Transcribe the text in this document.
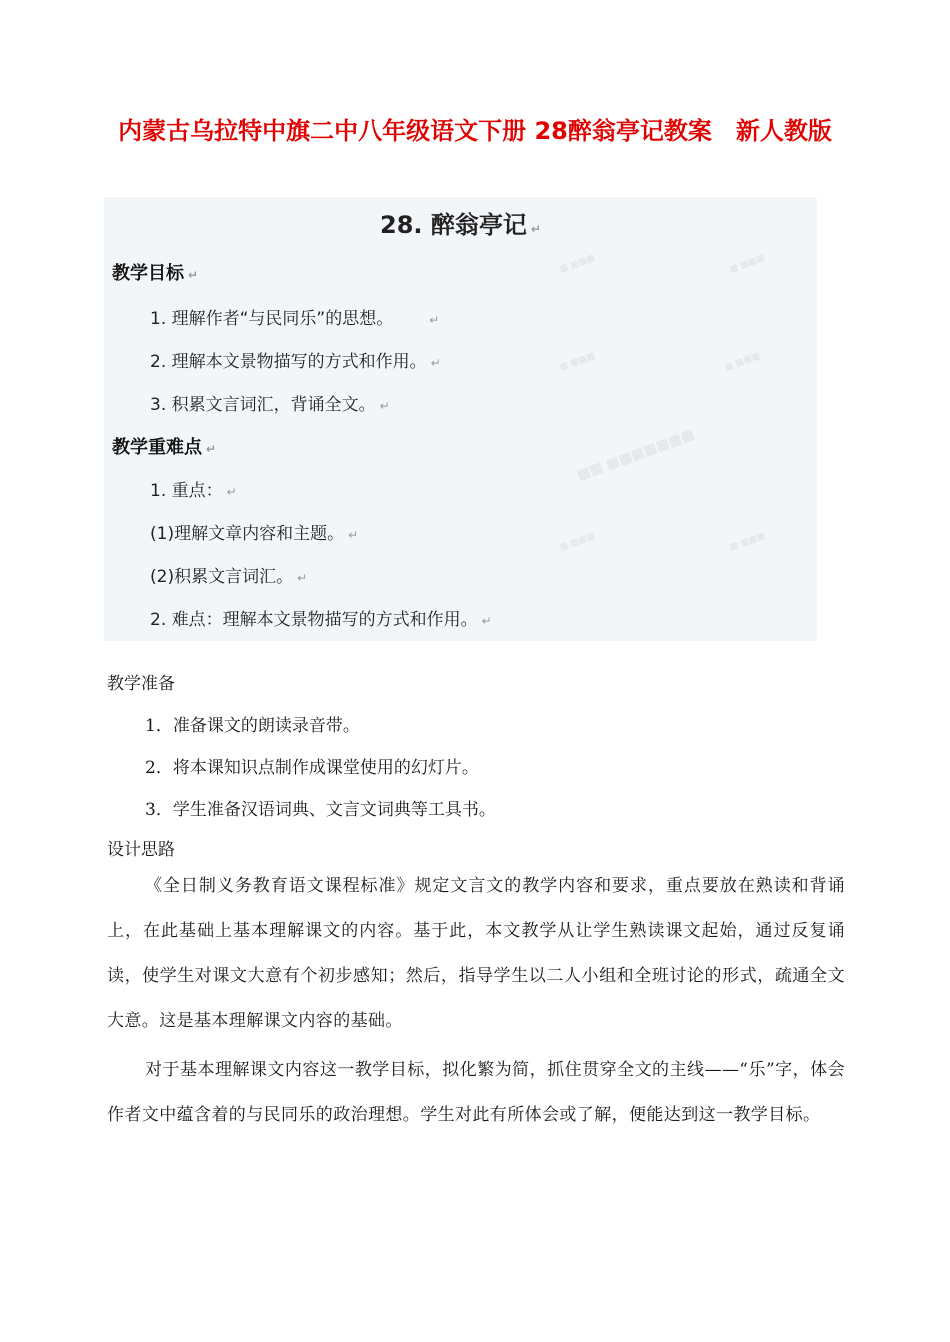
内蒙古乌拉特中旗二中八年级语文下册 28醉翁亭记教案　新人教版
▦ ▦▦▦	▦ ▦▦▦
▦ ▦▦▦	▦ ▦▦▦
▦▦ ▦▦▦▦▦▦▦
▦ ▦▦▦	▦ ▦▦▦
28. 醉翁亭记 ↵
教学目标 ↵
1. 理解作者“与民同乐”的思想。	↵
2. 理解本文景物描写的方式和作用。 ↵
3. 积累文言词汇，背诵全文。 ↵
教学重难点 ↵
1. 重点： ↵
(1)理解文章内容和主题。 ↵
(2)积累文言词汇。 ↵
2. 难点：理解本文景物描写的方式和作用。 ↵
教学准备
1．准备课文的朗读录音带。
2．将本课知识点制作成课堂使用的幻灯片。
3．学生准备汉语词典、文言文词典等工具书。
设计思路
《全日制义务教育语文课程标准》规定文言文的教学内容和要求，重点要放在熟读和背诵上，在此基础上基本理解课文的内容。基于此，本文教学从让学生熟读课文起始，通过反复诵读，使学生对课文大意有个初步感知；然后，指导学生以二人小组和全班讨论的形式，疏通全文大意。这是基本理解课文内容的基础。
对于基本理解课文内容这一教学目标，拟化繁为简，抓住贯穿全文的主线——“乐”字，体会作者文中蕴含着的与民同乐的政治理想。学生对此有所体会或了解，便能达到这一教学目标。
